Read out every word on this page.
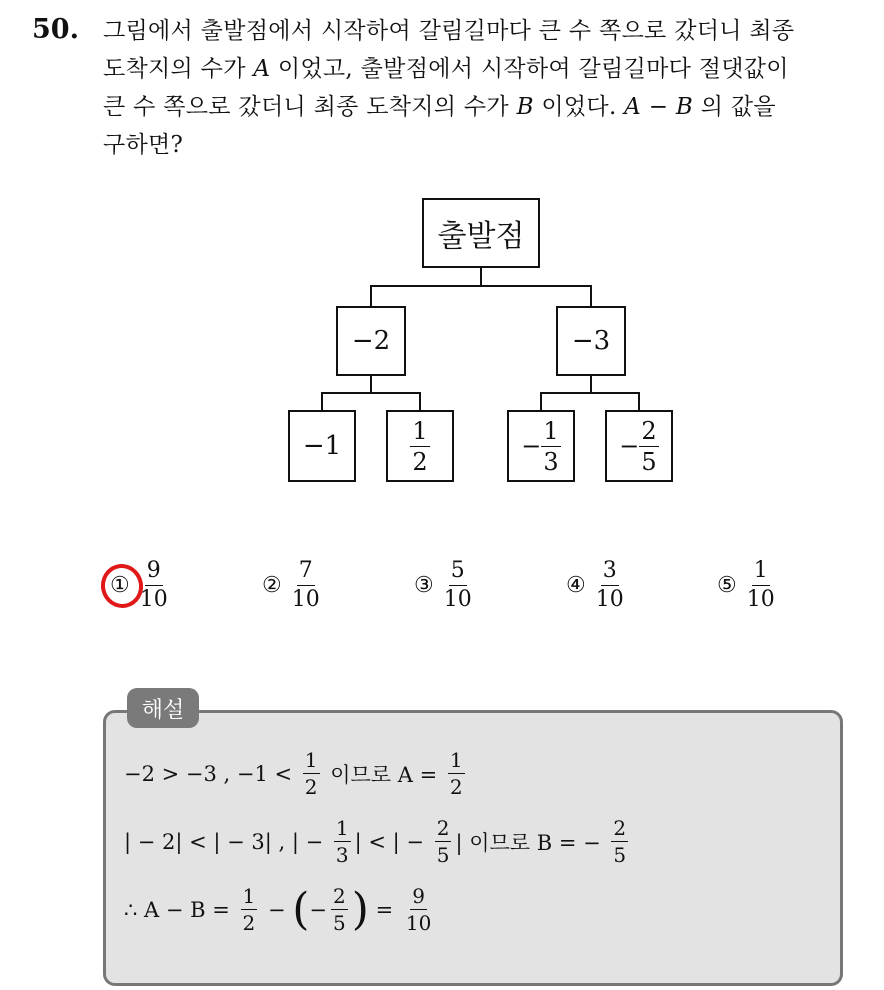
50. 그림에서 출발점에서 시작하여 갈림길마다 큰 수 쪽으로 갔더니 최종
도착지의 수가 A 이었고, 출발점에서 시작하여 갈림길마다 절댓값이
큰 수 쪽으로 갔더니 최종 도착지의 수가 B 이었다. A − B 의 값을
구하면?
출발점
−2	−3
−1	$\frac{1}{2}$	− $\frac{1}{3} - \frac{2}{5}$
① $\frac{9}{10}$	② $\frac{7}{10}$	③ $\frac{5}{10}$	④ $\frac{3}{10}$	⑤ $\frac{1}{10}$
해설
−2 > −3 , $-1 < \frac{1}{2}$ 이므로 $A = \frac{1}{2}$
| − 2| < | − 3| , | − $\frac{1}{3}$ | < | − $\frac{2}{5}$ | 이므로 B = − $\frac{2}{5}$
∴ $A - B = \frac{1}{2}$ − ( − $\frac{2}{5}$ ) = $\frac{9}{10}$
